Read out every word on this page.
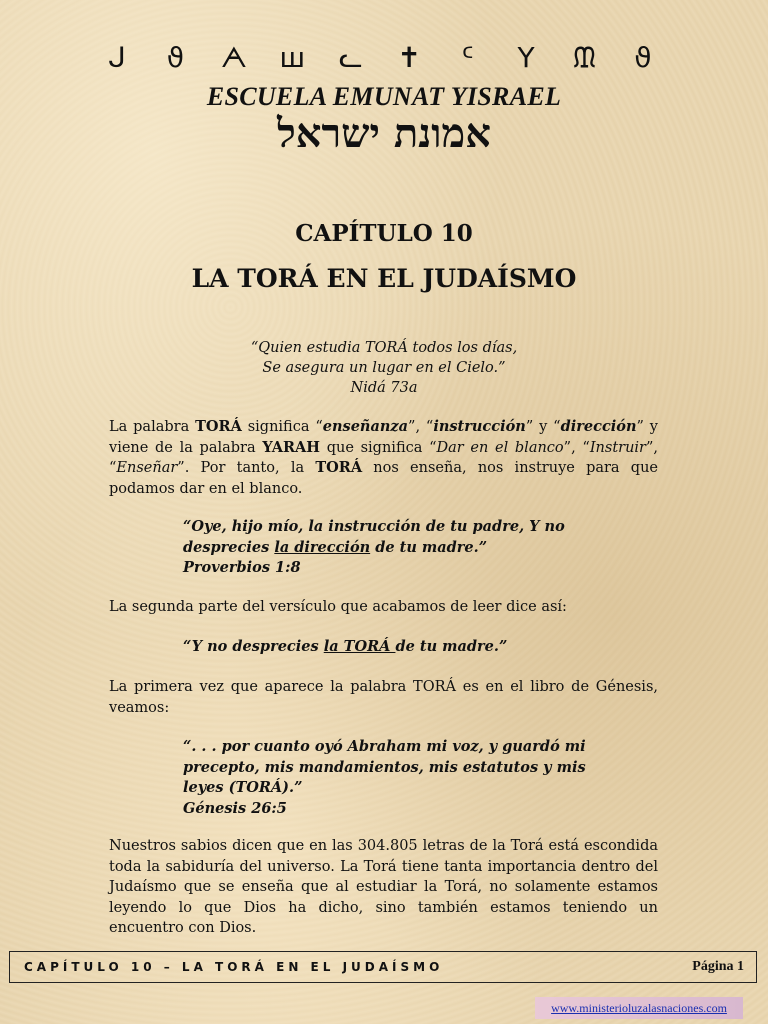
ᒍ ϑ ᗅ ш ᓚ ✝	ᑦ	Y	ᙢ ϑ
ESCUELA EMUNAT YISRAEL
אמונת ישראל
CAPÍTULO 10
LA TORÁ EN EL JUDAÍSMO
“Quien estudia TORÁ todos los días,
Se asegura un lugar en el Cielo.”
Nidá 73a
La palabra TORÁ significa “enseñanza”, “instrucción” y “dirección” y viene de la palabra YARAH que significa “Dar en el blanco”, “Instruir”, “Enseñar”. Por tanto, la TORÁ nos enseña, nos instruye para que podamos dar en el blanco.
“Oye, hijo mío, la instrucción de tu padre, Y no desprecies la dirección de tu madre.”
Proverbios 1:8
La segunda parte del versículo que acabamos de leer dice así:
“Y no desprecies la TORÁ de tu madre.”
La primera vez que aparece la palabra TORÁ es en el libro de Génesis, veamos:
“. . . por cuanto oyó Abraham mi voz, y guardó mi
precepto, mis mandamientos, mis estatutos y mis
leyes (TORÁ).”
Génesis 26:5
Nuestros sabios dicen que en las 304.805 letras de la Torá está escondida toda la sabiduría del universo. La Torá tiene tanta importancia dentro del Judaísmo que se enseña que al estudiar la Torá, no solamente estamos leyendo lo que Dios ha dicho, sino también estamos teniendo un encuentro con Dios.
CAPÍTULO 10 – LA TORÁ EN EL JUDAÍSMO	Página 1
www.ministerioluzalasnaciones.com
